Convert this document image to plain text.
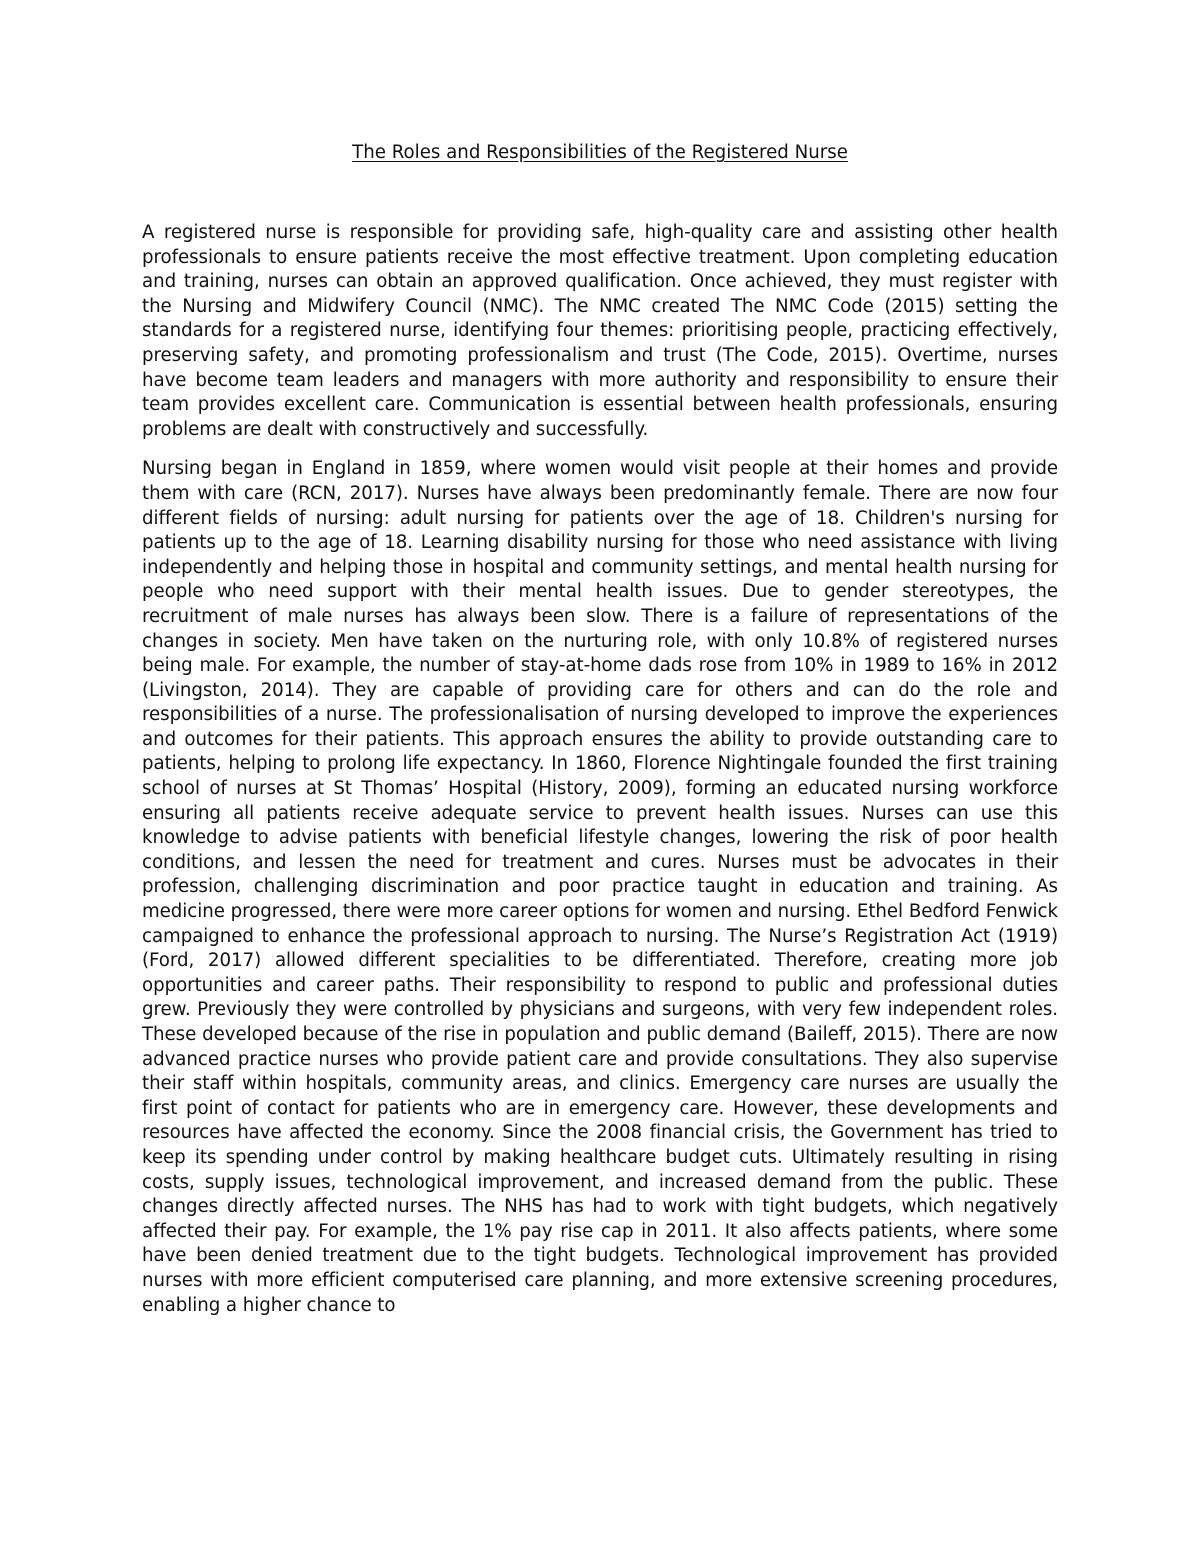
The Roles and Responsibilities of the Registered Nurse

A registered nurse is responsible for providing safe, high-quality care and assisting other health professionals to ensure patients receive the most effective treatment. Upon completing education and training, nurses can obtain an approved qualification. Once achieved, they must register with the Nursing and Midwifery Council (NMC). The NMC created The NMC Code (2015) setting the standards for a registered nurse, identifying four themes: prioritising people, practicing effectively, preserving safety, and promoting professionalism and trust (The Code, 2015). Overtime, nurses have become team leaders and managers with more authority and responsibility to ensure their team provides excellent care. Communication is essential between health professionals, ensuring problems are dealt with constructively and successfully.

Nursing began in England in 1859, where women would visit people at their homes and provide them with care (RCN, 2017). Nurses have always been predominantly female. There are now four different fields of nursing: adult nursing for patients over the age of 18. Children's nursing for patients up to the age of 18. Learning disability nursing for those who need assistance with living independently and helping those in hospital and community settings, and mental health nursing for people who need support with their mental health issues. Due to gender stereotypes, the recruitment of male nurses has always been slow. There is a failure of representations of the changes in society. Men have taken on the nurturing role, with only 10.8% of registered nurses being male. For example, the number of stay-at-home dads rose from 10% in 1989 to 16% in 2012 (Livingston, 2014). They are capable of providing care for others and can do the role and responsibilities of a nurse. The professionalisation of nursing developed to improve the experiences and outcomes for their patients. This approach ensures the ability to provide outstanding care to patients, helping to prolong life expectancy. In 1860, Florence Nightingale founded the first training school of nurses at St Thomas’ Hospital (History, 2009), forming an educated nursing workforce ensuring all patients receive adequate service to prevent health issues. Nurses can use this knowledge to advise patients with beneficial lifestyle changes, lowering the risk of poor health conditions, and lessen the need for treatment and cures. Nurses must be advocates in their profession, challenging discrimination and poor practice taught in education and training. As medicine progressed, there were more career options for women and nursing. Ethel Bedford Fenwick campaigned to enhance the professional approach to nursing. The Nurse’s Registration Act (1919) (Ford, 2017) allowed different specialities to be differentiated. Therefore, creating more job opportunities and career paths. Their responsibility to respond to public and professional duties grew. Previously they were controlled by physicians and surgeons, with very few independent roles. These developed because of the rise in population and public demand (Baileff, 2015). There are now advanced practice nurses who provide patient care and provide consultations. They also supervise their staff within hospitals, community areas, and clinics. Emergency care nurses are usually the first point of contact for patients who are in emergency care. However, these developments and resources have affected the economy. Since the 2008 financial crisis, the Government has tried to keep its spending under control by making healthcare budget cuts. Ultimately resulting in rising costs, supply issues, technological improvement, and increased demand from the public. These changes directly affected nurses. The NHS has had to work with tight budgets, which negatively affected their pay. For example, the 1% pay rise cap in 2011. It also affects patients, where some have been denied treatment due to the tight budgets. Technological improvement has provided nurses with more efficient computerised care planning, and more extensive screening procedures, enabling a higher chance to
